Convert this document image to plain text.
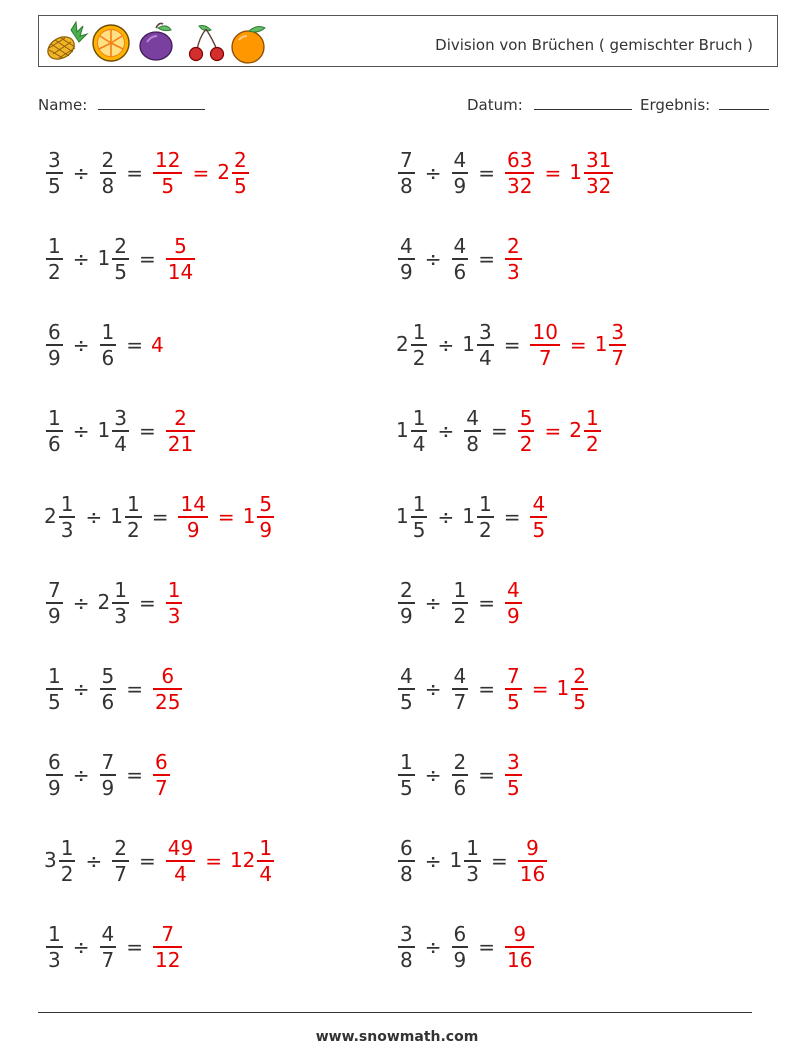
Division von Brüchen ( gemischter Bruch )
Name:	Datum:	Ergebnis:
$\frac{3}{5} \div \frac{2}{8} = \frac{12}{5} = 2 \frac{2}{5}$	$\frac{7}{8} \div \frac{4}{9} = \frac{63}{32} = 1 \frac{31}{32}$
$\frac{1}{2} \div 1 \frac{2}{5} = \frac{5}{14}$	$\frac{4}{9} \div \frac{4}{6} = \frac{2}{3}$
$\frac{6}{9} \div \frac{1}{6} = 4$	$2 \frac{1}{2} \div 1 \frac{3}{4} = \frac{10}{7} = 1 \frac{3}{7}$
$\frac{1}{6} \div 1 \frac{3}{4} = \frac{2}{21}$	$1 \frac{1}{4} \div \frac{4}{8} = \frac{5}{2} = 2 \frac{1}{2}$
$2 \frac{1}{3} \div 1 \frac{1}{2} = \frac{14}{9} = 1 \frac{5}{9}$	$1 \frac{1}{5} \div 1 \frac{1}{2} = \frac{4}{5}$
$\frac{7}{9} \div 2 \frac{1}{3} = \frac{1}{3}$	$\frac{2}{9} \div \frac{1}{2} = \frac{4}{9}$
$\frac{1}{5} \div \frac{5}{6} = \frac{6}{25}$	$\frac{4}{5} \div \frac{4}{7} = \frac{7}{5} = 1 \frac{2}{5}$
$\frac{6}{9} \div \frac{7}{9} = \frac{6}{7}$	$\frac{1}{5} \div \frac{2}{6} = \frac{3}{5}$
$3 \frac{1}{2} \div \frac{2}{7} = \frac{49}{4} = 12 \frac{1}{4}$	$\frac{6}{8} \div 1 \frac{1}{3} = \frac{9}{16}$
$\frac{1}{3} \div \frac{4}{7} = \frac{7}{12}$	$\frac{3}{8} \div \frac{6}{9} = \frac{9}{16}$
www.snowmath.com
